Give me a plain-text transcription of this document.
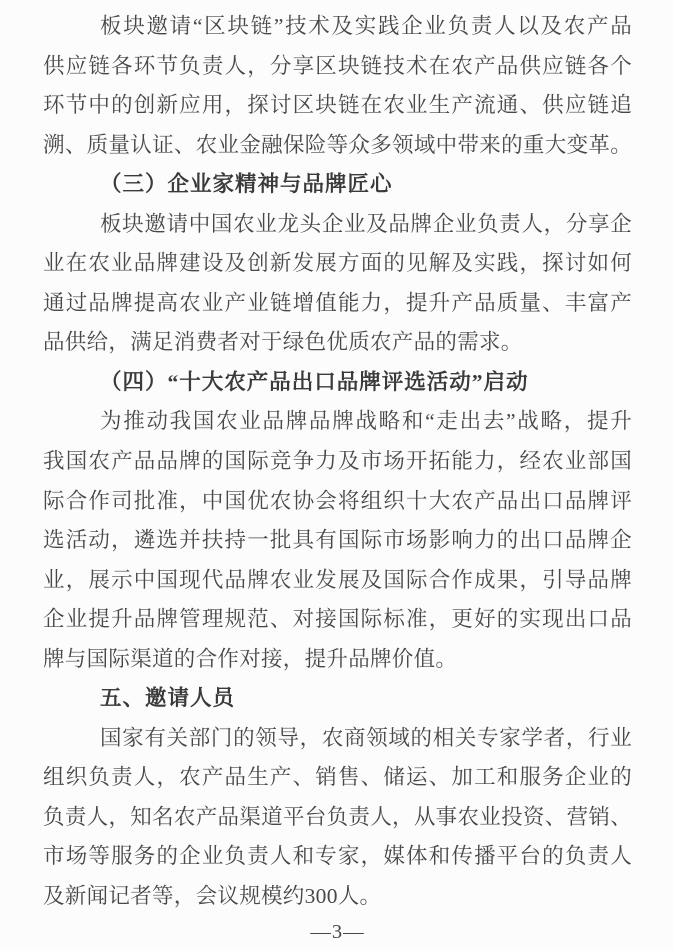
板块邀请“区块链”技术及实践企业负责人以及农产品
供应链各环节负责人，分享区块链技术在农产品供应链各个
环节中的创新应用，探讨区块链在农业生产流通、供应链追
溯、质量认证、农业金融保险等众多领域中带来的重大变革。
（三）企业家精神与品牌匠心
板块邀请中国农业龙头企业及品牌企业负责人，分享企
业在农业品牌建设及创新发展方面的见解及实践，探讨如何
通过品牌提高农业产业链增值能力，提升产品质量、丰富产
品供给，满足消费者对于绿色优质农产品的需求。
（四）“十大农产品出口品牌评选活动”启动
为推动我国农业品牌品牌战略和“走出去”战略，提升
我国农产品品牌的国际竞争力及市场开拓能力，经农业部国
际合作司批准，中国优农协会将组织十大农产品出口品牌评
选活动，遴选并扶持一批具有国际市场影响力的出口品牌企
业，展示中国现代品牌农业发展及国际合作成果，引导品牌
企业提升品牌管理规范、对接国际标准，更好的实现出口品
牌与国际渠道的合作对接，提升品牌价值。
五、邀请人员
国家有关部门的领导，农商领域的相关专家学者，行业
组织负责人，农产品生产、销售、储运、加工和服务企业的
负责人，知名农产品渠道平台负责人，从事农业投资、营销、
市场等服务的企业负责人和专家，媒体和传播平台的负责人
及新闻记者等，会议规模约300人。
—3—
